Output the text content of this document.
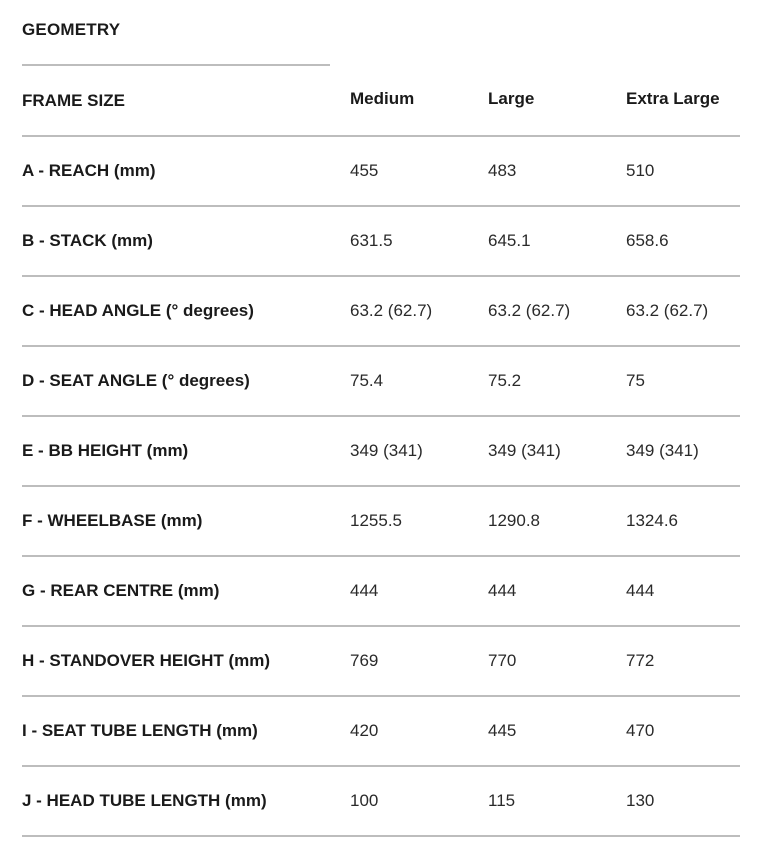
GEOMETRY
FRAME SIZE	Medium	Large	Extra Large
A - REACH (mm)	455	483	510
B - STACK (mm)	631.5	645.1	658.6
C - HEAD ANGLE (° degrees)	63.2 (62.7)	63.2 (62.7)	63.2 (62.7)
D - SEAT ANGLE (° degrees)	75.4	75.2	75
E - BB HEIGHT (mm)	349 (341)	349 (341)	349 (341)
F - WHEELBASE (mm)	1255.5	1290.8	1324.6
G - REAR CENTRE (mm)	444	444	444
H - STANDOVER HEIGHT (mm)	769	770	772
I - SEAT TUBE LENGTH (mm)	420	445	470
J - HEAD TUBE LENGTH (mm)	100	115	130
